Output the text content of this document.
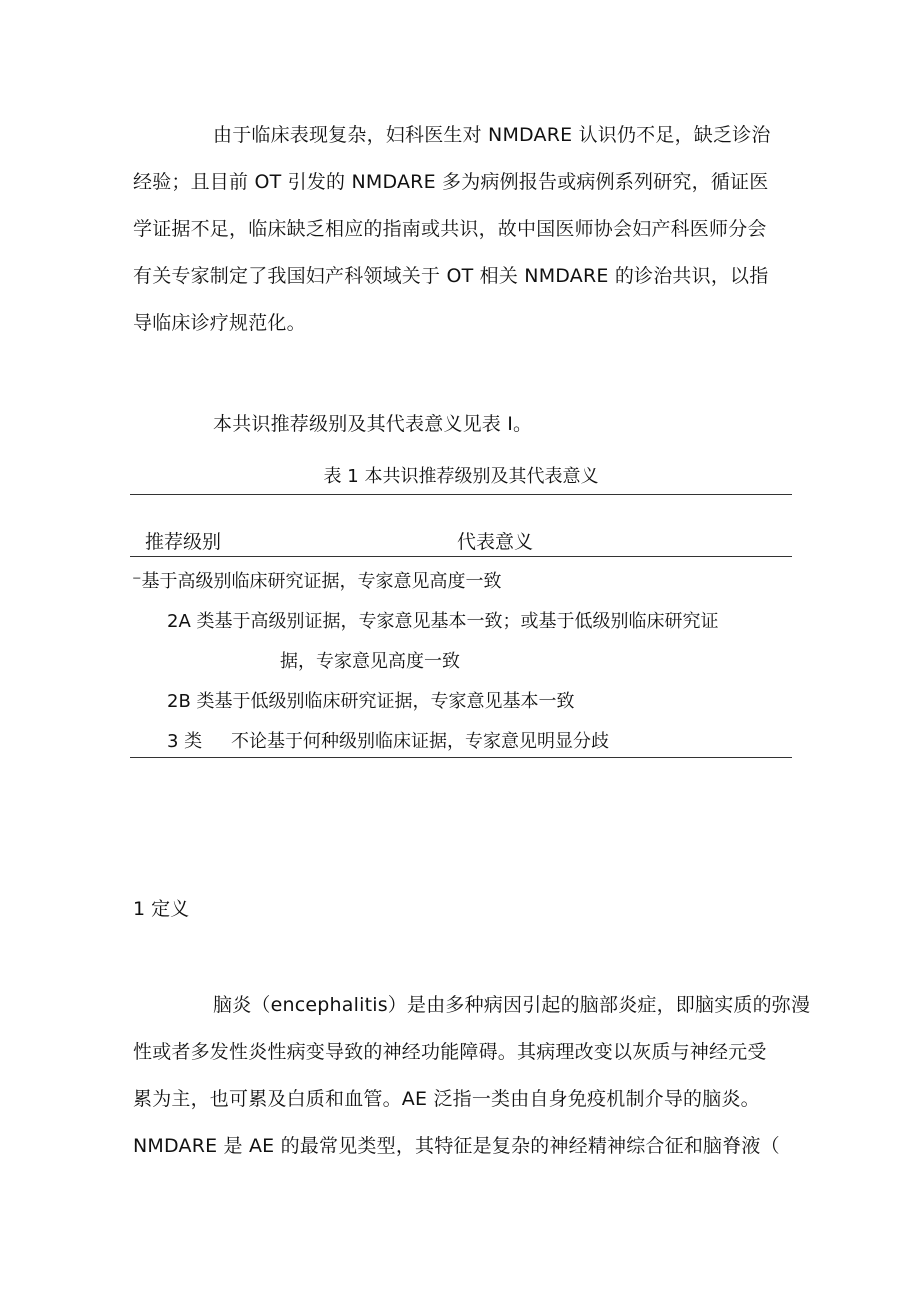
由于临床表现复杂，妇科医生对 NMDARE 认识仍不足，缺乏诊治
经验；且目前 OT 引发的 NMDARE 多为病例报告或病例系列研究，循证医
学证据不足，临床缺乏相应的指南或共识，故中国医师协会妇产科医师分会
有关专家制定了我国妇产科领域关于 OT 相关 NMDARE 的诊治共识，以指
导临床诊疗规范化。
本共识推荐级别及其代表意义见表 I。
表 1 本共识推荐级别及其代表意义
推荐级别	代表意义
⁻基于高级别临床研究证据，专家意见高度一致
2A 类基于高级别证据，专家意见基本一致；或基于低级别临床研究证
据，专家意见高度一致
2B 类基于低级别临床研究证据，专家意见基本一致
3 类 不论基于何种级别临床证据，专家意见明显分歧
1 定义
脑炎（encephalitis）是由多种病因引起的脑部炎症，即脑实质的弥漫
性或者多发性炎性病变导致的神经功能障碍。其病理改变以灰质与神经元受
累为主，也可累及白质和血管。AE 泛指一类由自身免疫机制介导的脑炎。
NMDARE 是 AE 的最常见类型，其特征是复杂的神经精神综合征和脑脊液（
